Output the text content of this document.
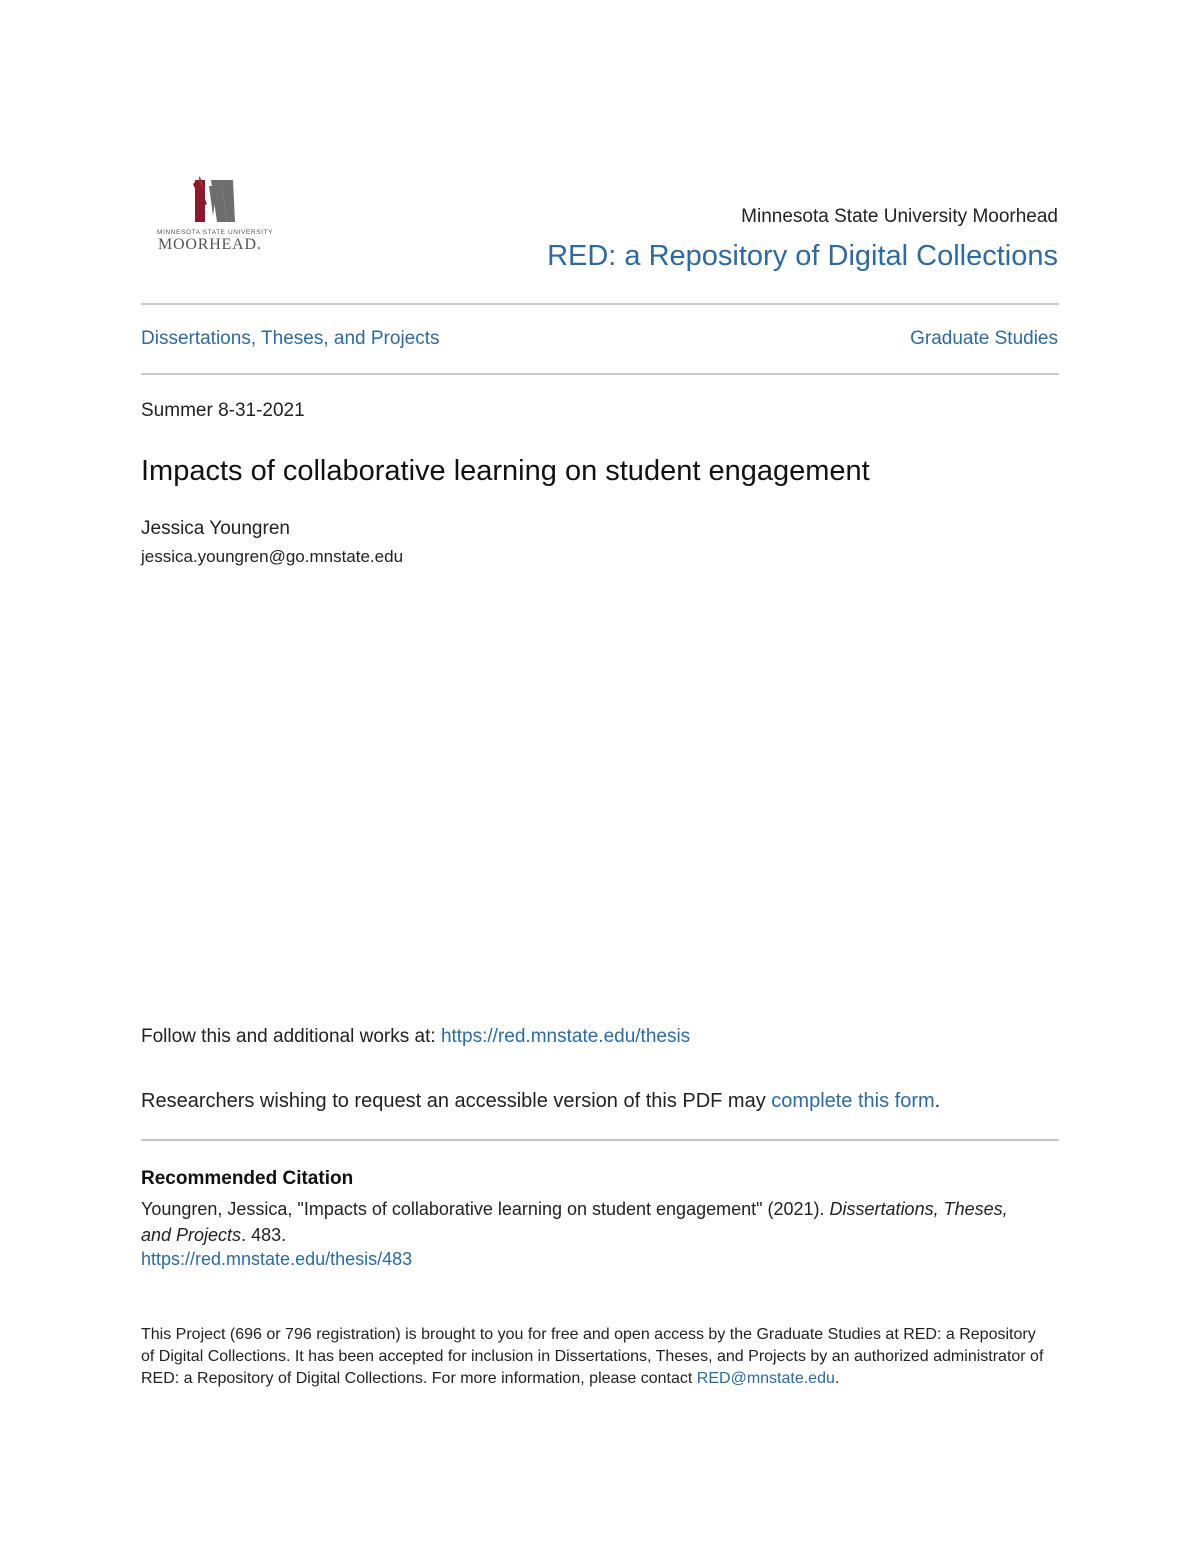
MINNESOTA STATE UNIVERSITY
MOORHEAD.
Minnesota State University Moorhead
RED: a Repository of Digital Collections
Dissertations, Theses, and Projects	Graduate Studies
Summer 8-31-2021
Impacts of collaborative learning on student engagement
Jessica Youngren
jessica.youngren@go.mnstate.edu
Follow this and additional works at: https://red.mnstate.edu/thesis
Researchers wishing to request an accessible version of this PDF may complete this form.
Recommended Citation
Youngren, Jessica, "Impacts of collaborative learning on student engagement" (2021). Dissertations, Theses, and Projects. 483.
https://red.mnstate.edu/thesis/483
This Project (696 or 796 registration) is brought to you for free and open access by the Graduate Studies at RED: a Repository of Digital Collections. It has been accepted for inclusion in Dissertations, Theses, and Projects by an authorized administrator of RED: a Repository of Digital Collections. For more information, please contact RED@mnstate.edu.
